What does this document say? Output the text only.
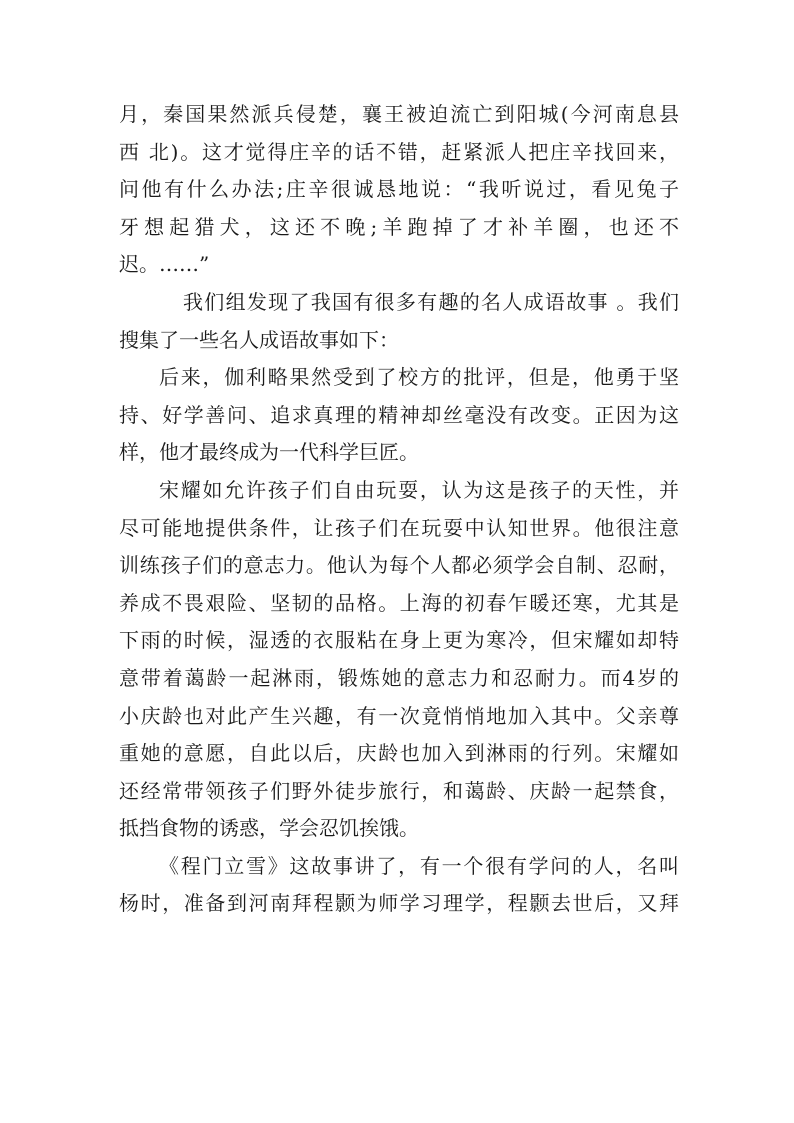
月，秦国果然派兵侵楚，襄王被迫流亡到阳城(今河南息县
西 北)。这才觉得庄辛的话不错，赶紧派人把庄辛找回来，
问他有什么办法;庄辛很诚恳地说：“我听说过，看见兔子
牙想起猎犬，这还不晚;羊跑掉了才补羊圈，也还不
迟。……”
我们组发现了我国有很多有趣的名人成语故事 。我们
搜集了一些名人成语故事如下：
后来，伽利略果然受到了校方的批评，但是，他勇于坚
持、好学善问、追求真理的精神却丝毫没有改变。正因为这
样，他才最终成为一代科学巨匠。
宋耀如允许孩子们自由玩耍，认为这是孩子的天性，并
尽可能地提供条件，让孩子们在玩耍中认知世界。他很注意
训练孩子们的意志力。他认为每个人都必须学会自制、忍耐，
养成不畏艰险、坚韧的品格。上海的初春乍暖还寒，尤其是
下雨的时候，湿透的衣服粘在身上更为寒冷，但宋耀如却特
意带着蔼龄一起淋雨，锻炼她的意志力和忍耐力。而4岁的
小庆龄也对此产生兴趣，有一次竟悄悄地加入其中。父亲尊
重她的意愿，自此以后，庆龄也加入到淋雨的行列。宋耀如
还经常带领孩子们野外徒步旅行，和蔼龄、庆龄一起禁食，
抵挡食物的诱惑，学会忍饥挨饿。
《程门立雪》这故事讲了，有一个很有学问的人，名叫
杨时，准备到河南拜程颢为师学习理学，程颢去世后，又拜
